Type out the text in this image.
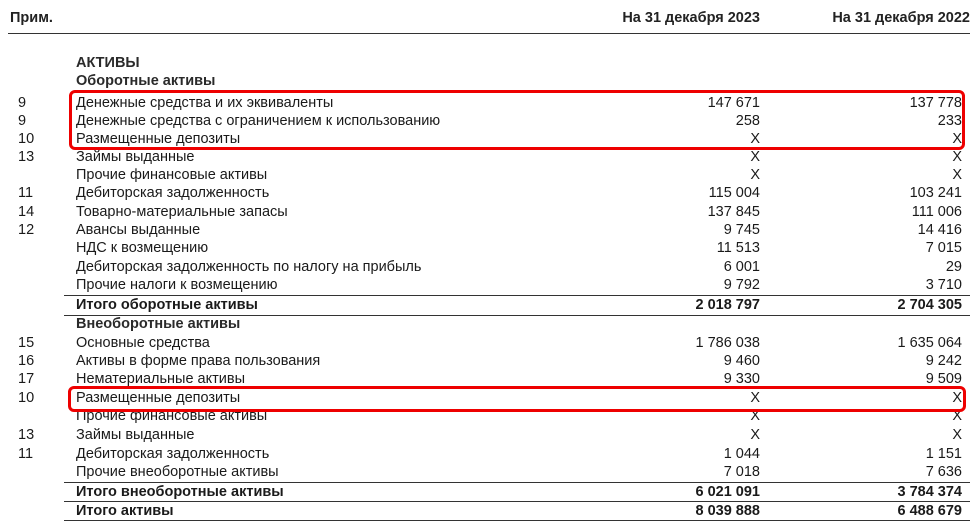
Прим.	На 31 декабря 2023	На 31 декабря 2022
АКТИВЫ
Оборотные активы
9	Денежные средства и их эквиваленты	147 671	137 778
9	Денежные средства с ограничением к использованию	258	233
10	Размещенные депозиты	X	X
13	Займы выданные	X	X
Прочие финансовые активы	X	X
11	Дебиторская задолженность	115 004	103 241
14	Товарно-материальные запасы	137 845	111 006
12	Авансы выданные	9 745	14 416
НДС к возмещению	11 513	7 015
Дебиторская задолженность по налогу на прибыль	6 001	29
Прочие налоги к возмещению	9 792	3 710
Итого оборотные активы	2 018 797	2 704 305
Внеоборотные активы
15	Основные средства	1 786 038	1 635 064
16	Активы в форме права пользования	9 460	9 242
17	Нематериальные активы	9 330	9 509
10	Размещенные депозиты	X	X
Прочие финансовые активы	X	X
13	Займы выданные	X	X
11	Дебиторская задолженность	1 044	1 151
Прочие внеоборотные активы	7 018	7 636
Итого внеоборотные активы	6 021 091	3 784 374
Итого активы	8 039 888	6 488 679
